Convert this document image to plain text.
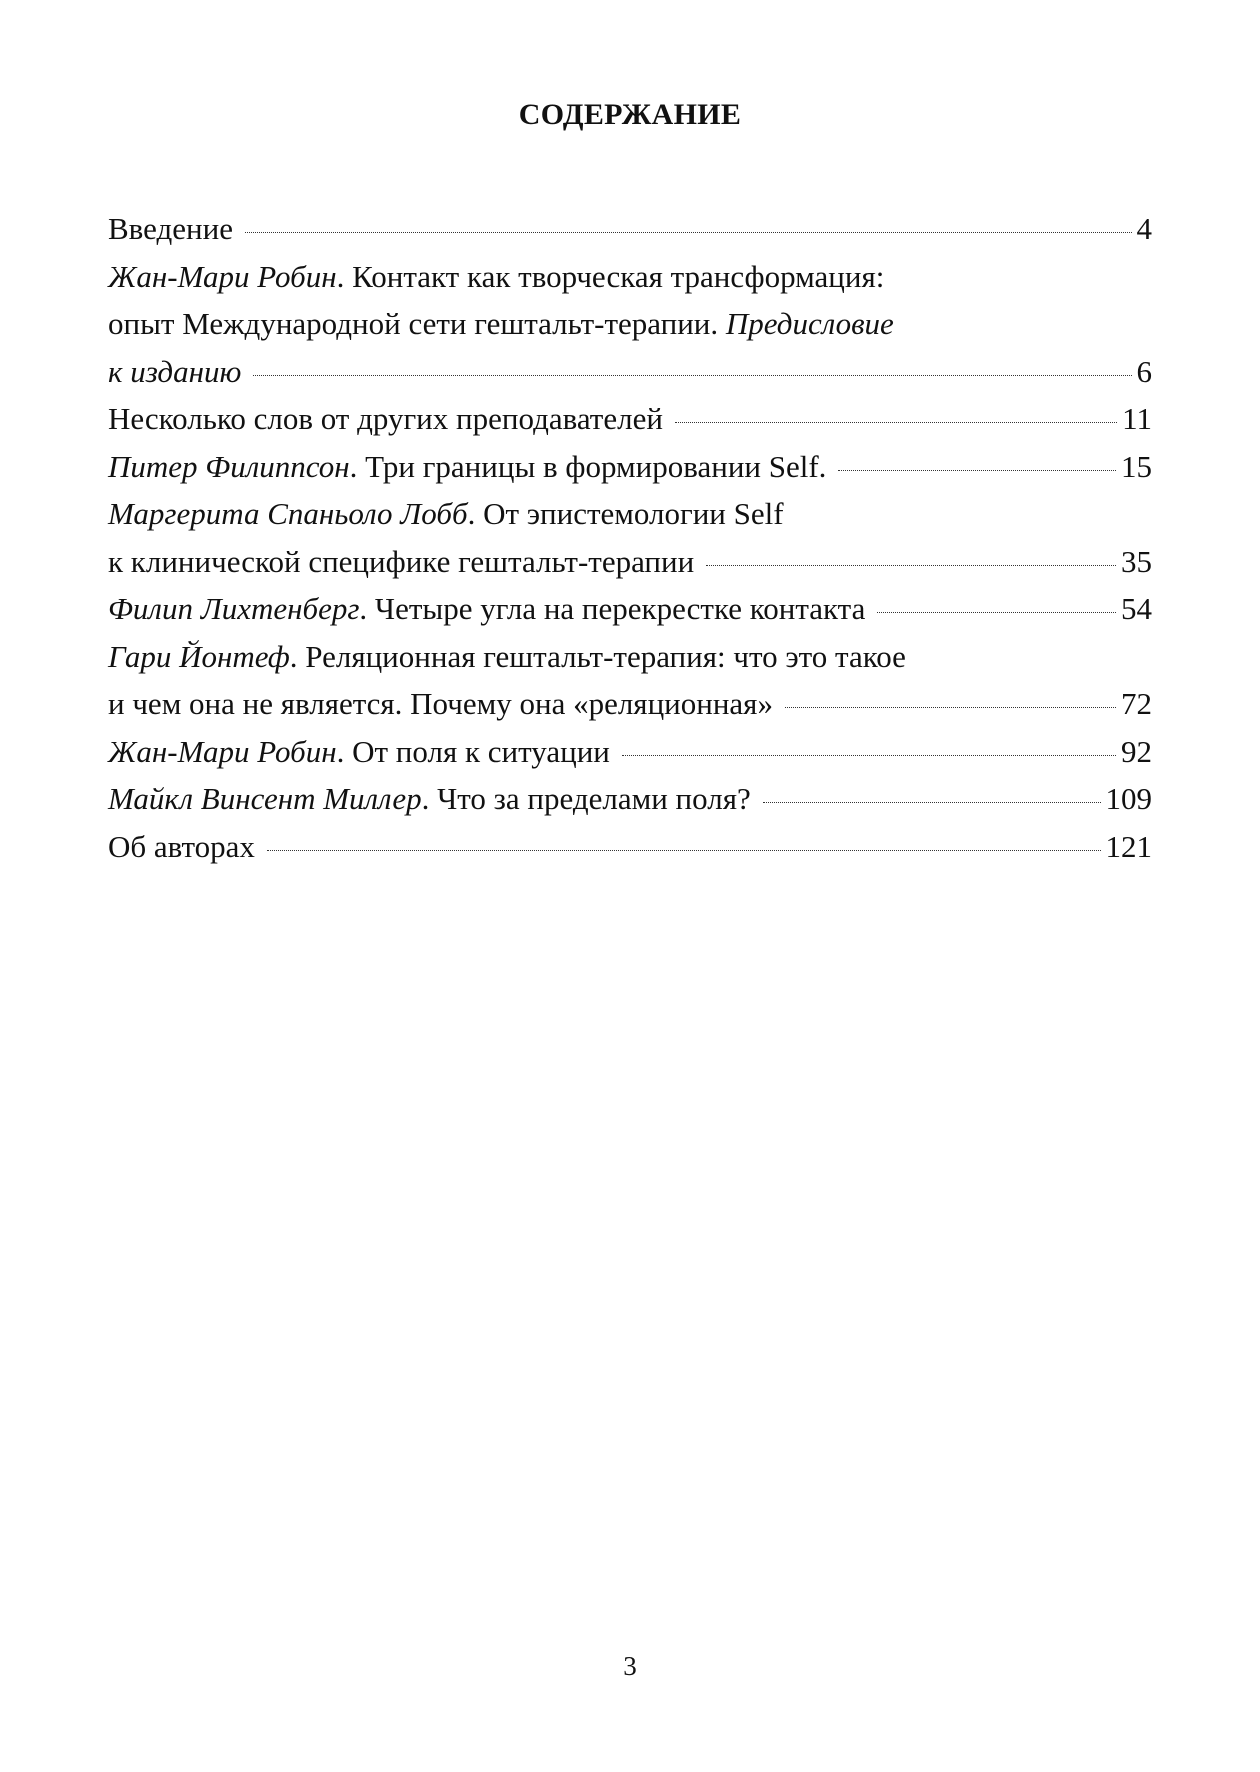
СОДЕРЖАНИЕ
Введение	4
Жан-Мари Робин. Контакт как творческая трансформация:
опыт Международной сети гештальт-терапии. Предисловие
к изданию	6
Несколько слов от других преподавателей	11
Питер Филиппсон. Три границы в формировании Self.	15
Маргерита Спаньоло Лобб. От эпистемологии Self
к клинической специфике гештальт-терапии	35
Филип Лихтенберг. Четыре угла на перекрестке контакта	54
Гари Йонтеф. Реляционная гештальт-терапия: что это такое
и чем она не является. Почему она «реляционная»	72
Жан-Мари Робин. От поля к ситуации	92
Майкл Винсент Миллер. Что за пределами поля?	109
Об авторах	121
3
